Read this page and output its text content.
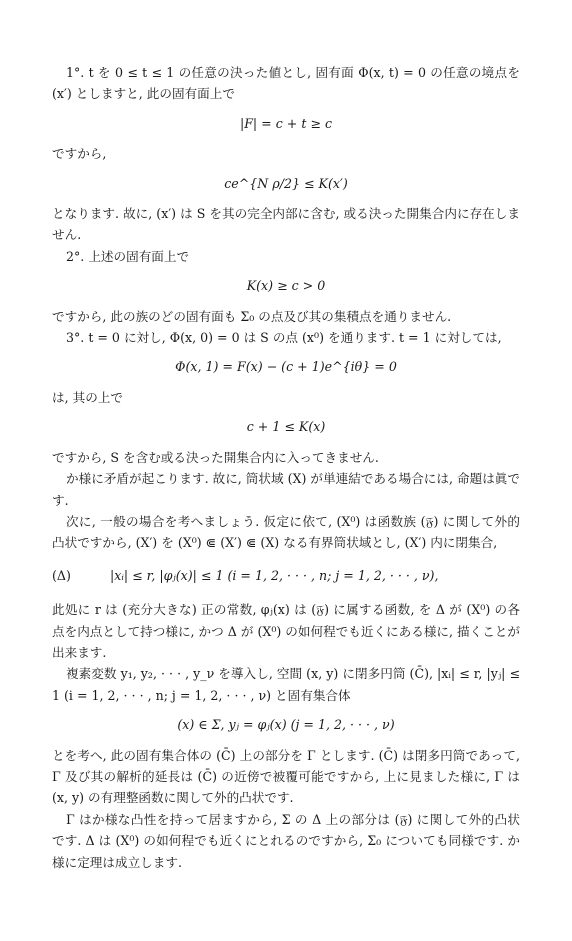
1°. t を 0 ≤ t ≤ 1 の任意の決った値とし, 固有面 Φ(x, t) = 0 の任意の境点を (x′) としますと, 此の固有面上で

|F| = c + t ≥ c

ですから,

ce^{N ρ/2} ≤ K(x′)

となります. 故に, (x′) は S を其の完全内部に含む, 或る決った開集合内に存在しません.

2°. 上述の固有面上で

K(x) ≥ c > 0

ですから, 此の族のどの固有面も Σ₀ の点及び其の集積点を通りません.

3°. t = 0 に対し, Φ(x, 0) = 0 は S の点 (x⁰) を通ります. t = 1 に対しては,

Φ(x, 1) = F(x) − (c + 1)e^{iθ} = 0

は, 其の上で

c + 1 ≤ K(x)

ですから, S を含む或る決った開集合内に入ってきません.

か様に矛盾が起こります. 故に, 筒状域 (X) が単連結である場合には, 命題は眞です.

次に, 一般の場合を考へましょう. 仮定に依て, (X⁰) は函数族 (𝔉) に関して外的凸状ですから, (X′) を (X⁰) ⋐ (X′) ⋐ (X) なる有界筒状域とし, (X′) 内に閉集合,

(Δ)	|xᵢ| ≤ r, |φⱼ(x)| ≤ 1 (i = 1, 2, · · · , n; j = 1, 2, · · · , ν),

此処に r は (充分大きな) 正の常数, φⱼ(x) は (𝔉) に属する函数, を Δ が (X⁰) の各点を内点として持つ様に, かつ Δ が (X⁰) の如何程でも近くにある様に, 描くことが出来ます.

複素変数 y₁, y₂, · · · , y_ν を導入し, 空間 (x, y) に閉多円筒 (C̄), |xᵢ| ≤ r, |yⱼ| ≤ 1 (i = 1, 2, · · · , n; j = 1, 2, · · · , ν) と固有集合体

(x) ∈ Σ, yⱼ = φⱼ(x) (j = 1, 2, · · · , ν)

とを考へ, 此の固有集合体の (C̄) 上の部分を Γ とします. (C̄) は閉多円筒であって, Γ 及び其の解析的延長は (C̄) の近傍で被覆可能ですから, 上に見ました様に, Γ は (x, y) の有理整函数に関して外的凸状です.

Γ はか様な凸性を持って居ますから, Σ の Δ 上の部分は (𝔉) に関して外的凸状です. Δ は (X⁰) の如何程でも近くにとれるのですから, Σ₀ についても同様です. か様に定理は成立します.
